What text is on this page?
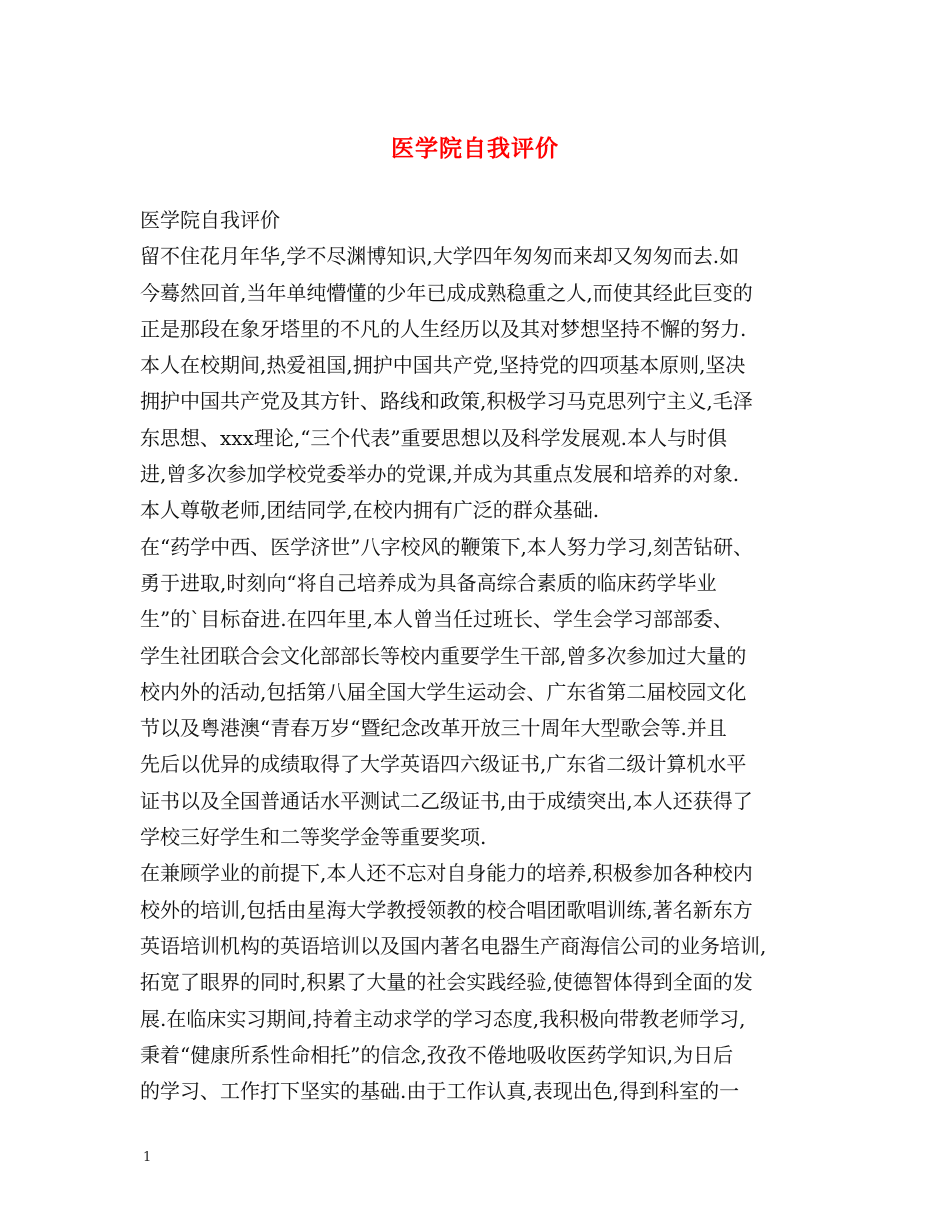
医学院自我评价
医学院自我评价
留不住花月年华,学不尽渊博知识,大学四年匆匆而来却又匆匆而去.如
今蓦然回首,当年单纯懵懂的少年已成成熟稳重之人,而使其经此巨变的
正是那段在象牙塔里的不凡的人生经历以及其对梦想坚持不懈的努力.
本人在校期间,热爱祖国,拥护中国共产党,坚持党的四项基本原则,坚决
拥护中国共产党及其方针、路线和政策,积极学习马克思列宁主义,毛泽
东思想、xxx理论,“三个代表”重要思想以及科学发展观.本人与时俱
进,曾多次参加学校党委举办的党课,并成为其重点发展和培养的对象.
本人尊敬老师,团结同学,在校内拥有广泛的群众基础.
在“药学中西、医学济世”八字校风的鞭策下,本人努力学习,刻苦钻研、
勇于进取,时刻向“将自己培养成为具备高综合素质的临床药学毕业
生”的`目标奋进.在四年里,本人曾当任过班长、学生会学习部部委、
学生社团联合会文化部部长等校内重要学生干部,曾多次参加过大量的
校内外的活动,包括第八届全国大学生运动会、广东省第二届校园文化
节以及粤港澳“青春万岁“暨纪念改革开放三十周年大型歌会等.并且
先后以优异的成绩取得了大学英语四六级证书,广东省二级计算机水平
证书以及全国普通话水平测试二乙级证书,由于成绩突出,本人还获得了
学校三好学生和二等奖学金等重要奖项.
在兼顾学业的前提下,本人还不忘对自身能力的培养,积极参加各种校内
校外的培训,包括由星海大学教授领教的校合唱团歌唱训练,著名新东方
英语培训机构的英语培训以及国内著名电器生产商海信公司的业务培训,
拓宽了眼界的同时,积累了大量的社会实践经验,使德智体得到全面的发
展.在临床实习期间,持着主动求学的学习态度,我积极向带教老师学习,
秉着“健康所系性命相托”的信念,孜孜不倦地吸收医药学知识,为日后
的学习、工作打下坚实的基础.由于工作认真,表现出色,得到科室的一
1
